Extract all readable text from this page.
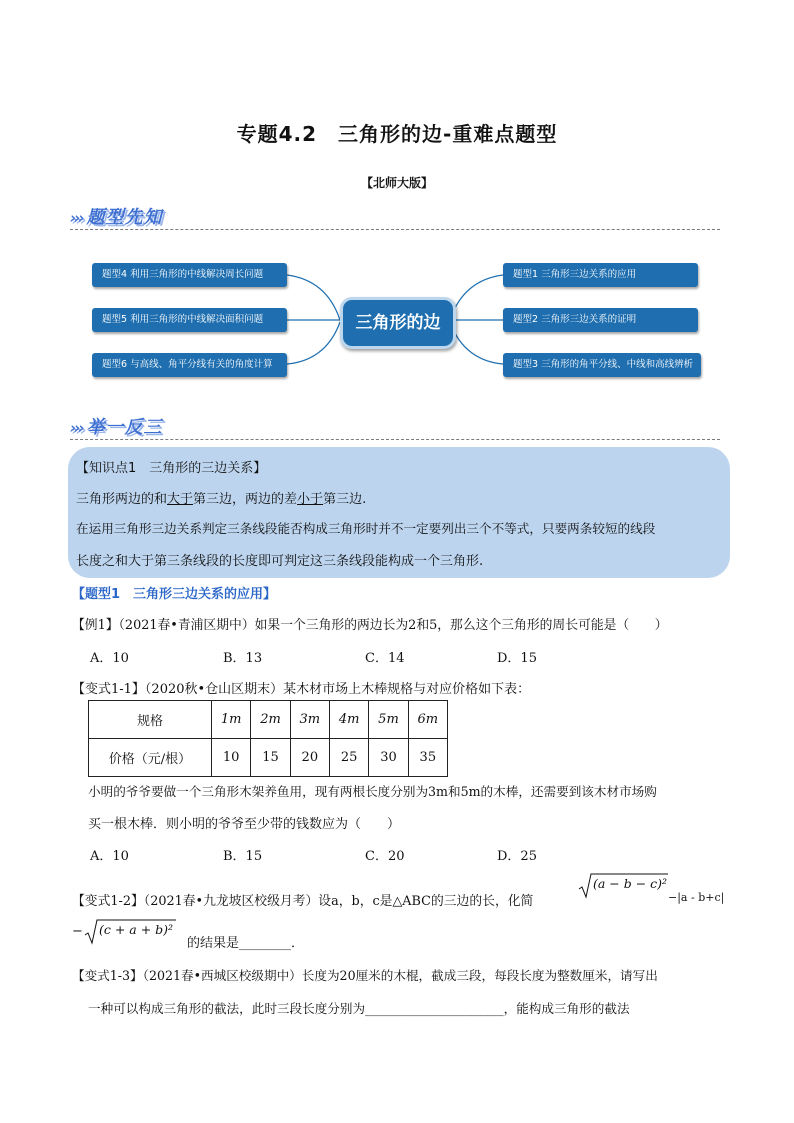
专题4.2　三角形的边-重难点题型
【北师大版】
››› 题型先知
题型4 利用三角形的中线解决周长问题
题型5 利用三角形的中线解决面积问题
题型6 与高线、角平分线有关的角度计算
三角形的边
题型1 三角形三边关系的应用
题型2 三角形三边关系的证明
题型3 三角形的角平分线、中线和高线辨析
››› 举一反三
【知识点1　三角形的三边关系】
三角形两边的和大于第三边，两边的差小于第三边.
在运用三角形三边关系判定三条线段能否构成三角形时并不一定要列出三个不等式，只要两条较短的线段
长度之和大于第三条线段的长度即可判定这三条线段能构成一个三角形.
【题型1　三角形三边关系的应用】
【例1】（2021春•青浦区期中）如果一个三角形的两边长为2和5，那么这个三角形的周长可能是（　　）
A．10	B．13	C．14	D．15
【变式1-1】（2020秋•仓山区期末）某木材市场上木棒规格与对应价格如下表：
规格	1m	2m	3m	4m	5m	6m
价格（元/根）	10	15	20	25	30	35
小明的爷爷要做一个三角形木架养鱼用，现有两根长度分别为3m和5m的木棒，还需要到该木材市场购
买一根木棒．则小明的爷爷至少带的钱数应为（　　）
A．10	B．15	C．20	D．25
【变式1-2】（2021春•九龙坡区校级月考）设a，b，c是△ABC的三边的长，化简
(a − b − c)²
−|a - b+c|
− (c + a + b)²
的结果是________．
【变式1-3】（2021春•西城区校级期中）长度为20厘米的木棍，截成三段，每段长度为整数厘米，请写出
一种可以构成三角形的截法，此时三段长度分别为______________________，能构成三角形的截法
